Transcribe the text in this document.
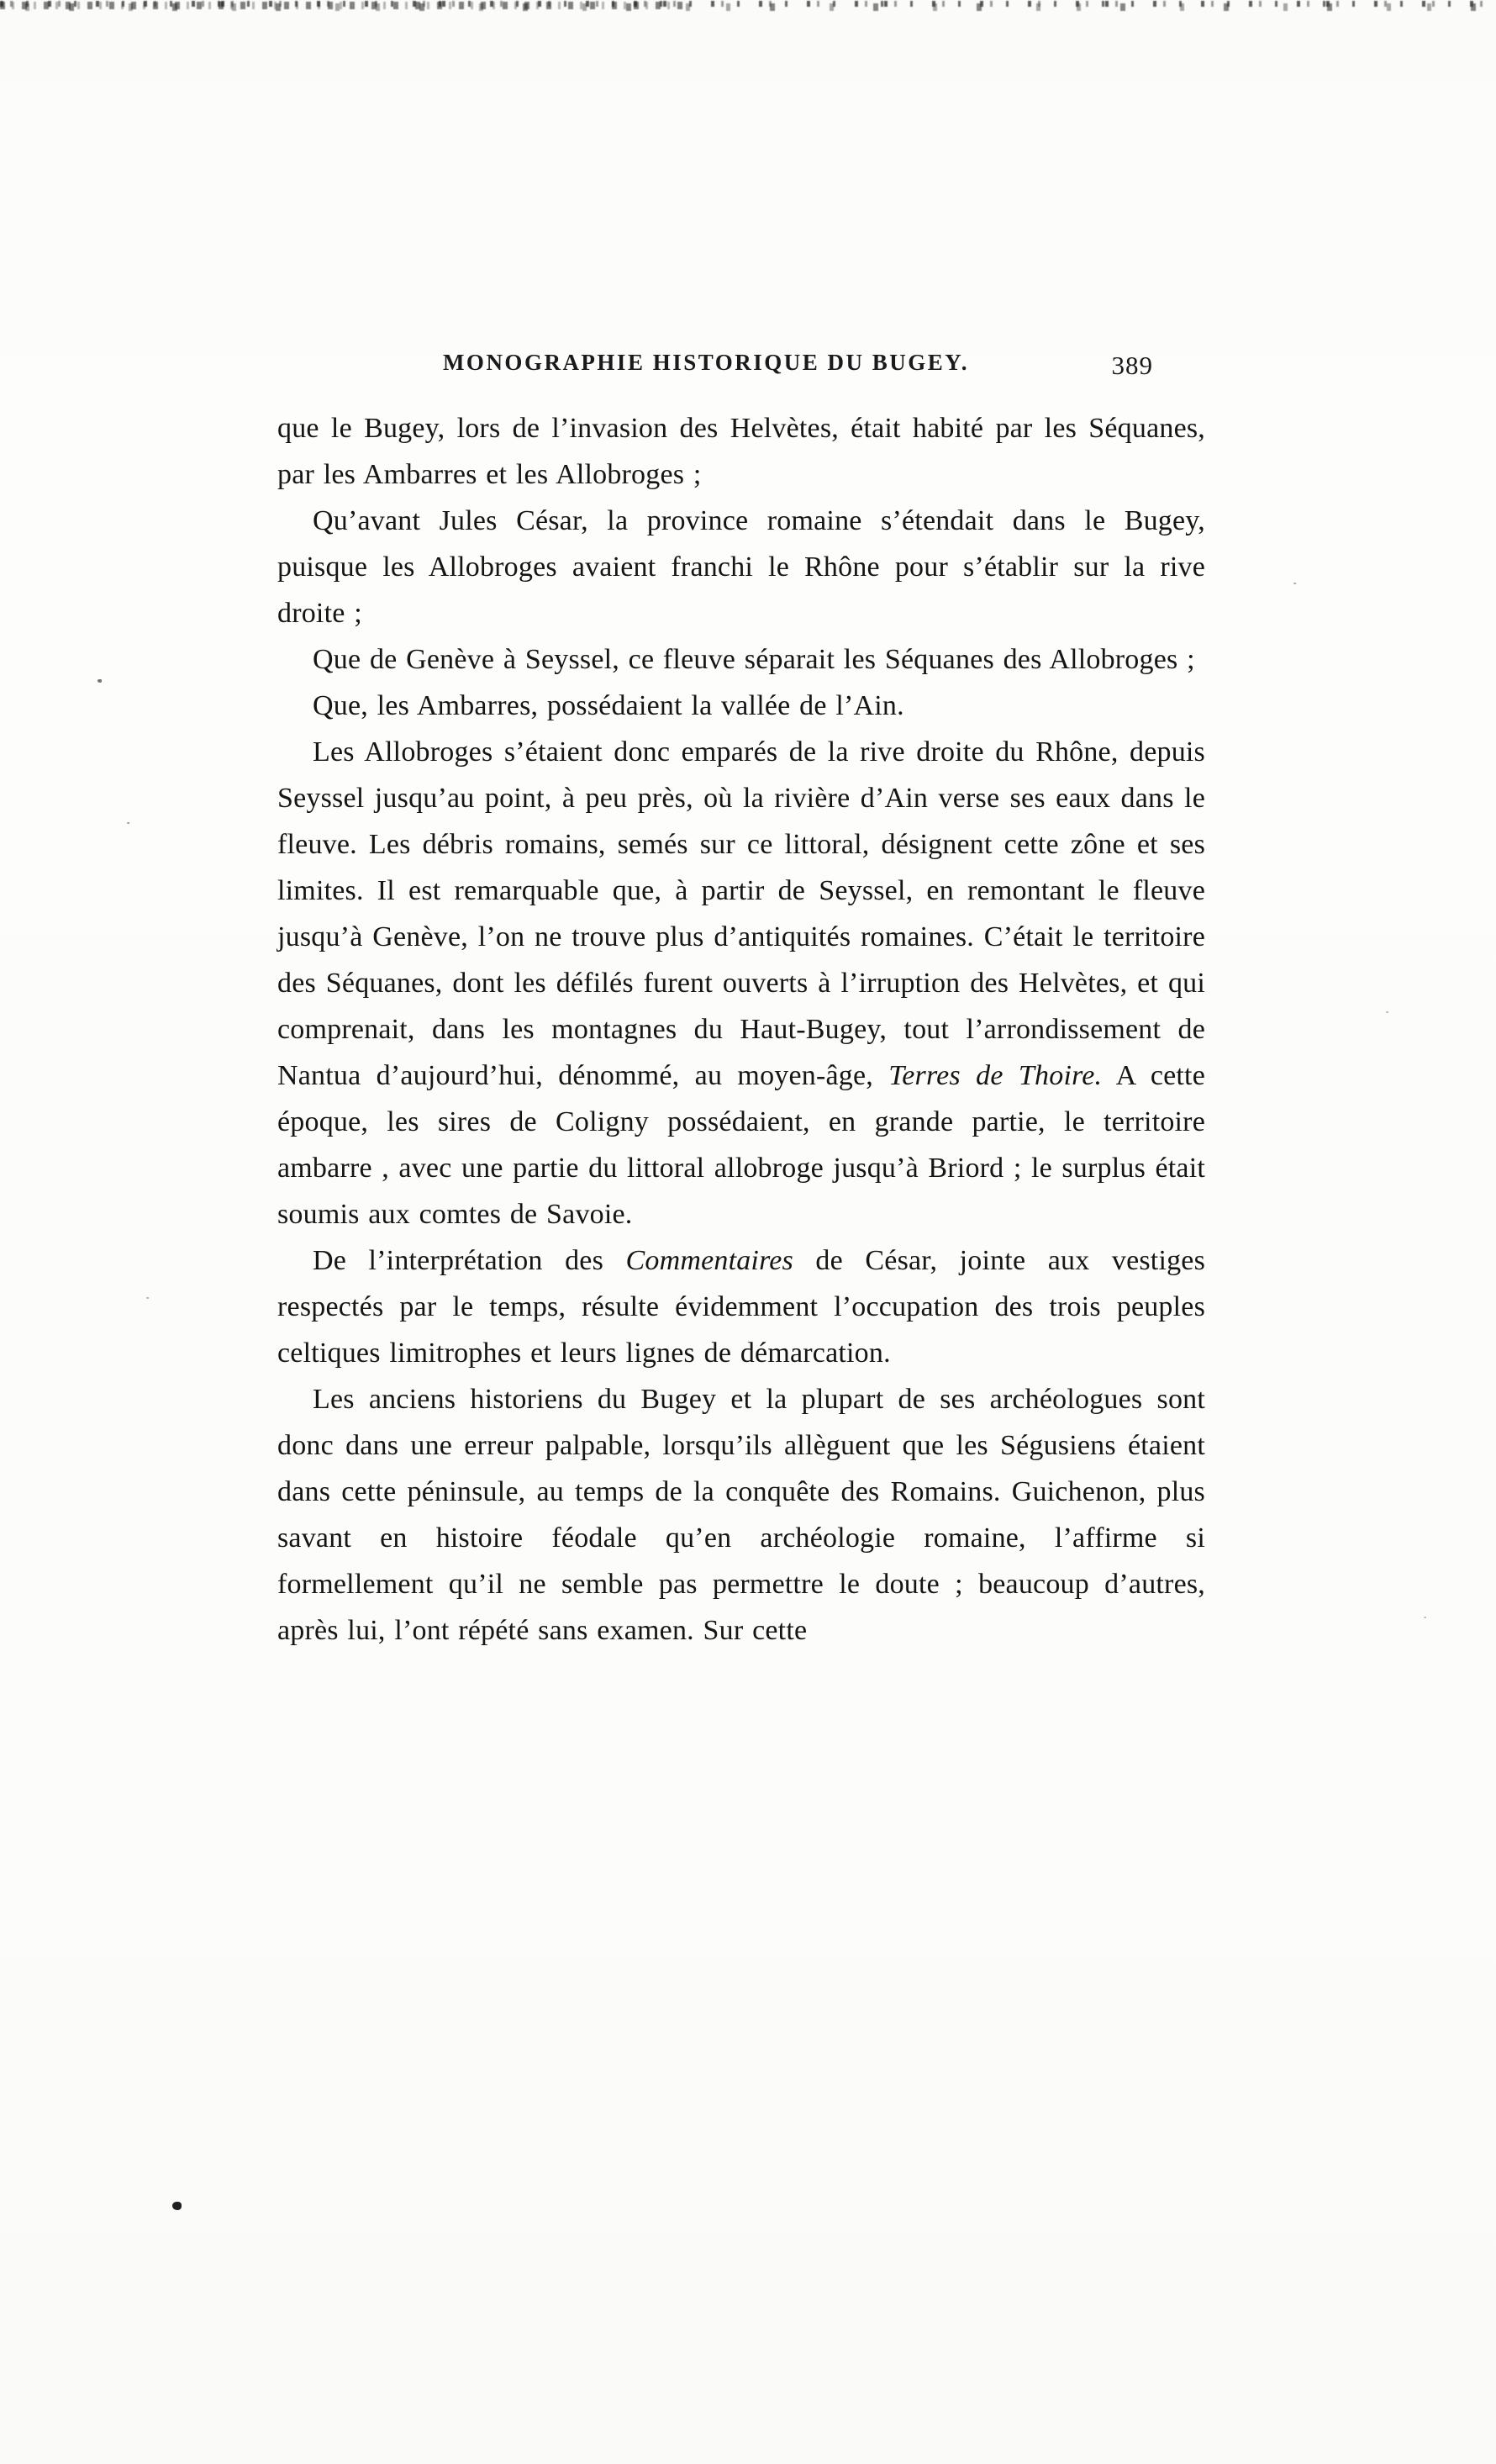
MONOGRAPHIE HISTORIQUE DU BUGEY.	389

que le Bugey, lors de l’invasion des Helvètes, était habité par les Séquanes, par les Ambarres et les Allobroges ;

Qu’avant Jules César, la province romaine s’étendait dans le Bugey, puisque les Allobroges avaient franchi le Rhône pour s’établir sur la rive droite ;

Que de Genève à Seyssel, ce fleuve séparait les Séquanes des Allobroges ;

Que, les Ambarres, possédaient la vallée de l’Ain.

Les Allobroges s’étaient donc emparés de la rive droite du Rhône, depuis Seyssel jusqu’au point, à peu près, où la rivière d’Ain verse ses eaux dans le fleuve. Les débris romains, semés sur ce littoral, désignent cette zône et ses limites. Il est remarquable que, à partir de Seyssel, en remontant le fleuve jusqu’à Genève, l’on ne trouve plus d’antiquités romaines. C’était le territoire des Séquanes, dont les défilés furent ouverts à l’irruption des Helvètes, et qui comprenait, dans les montagnes du Haut-Bugey, tout l’arrondissement de Nantua d’aujourd’hui, dénommé, au moyen-âge, Terres de Thoire. A cette époque, les sires de Coligny possédaient, en grande partie, le territoire ambarre , avec une partie du littoral allobroge jusqu’à Briord ; le surplus était soumis aux comtes de Savoie.

De l’interprétation des Commentaires de César, jointe aux vestiges respectés par le temps, résulte évidemment l’occupation des trois peuples celtiques limitrophes et leurs lignes de démarcation.

Les anciens historiens du Bugey et la plupart de ses archéologues sont donc dans une erreur palpable, lorsqu’ils allèguent que les Ségusiens étaient dans cette péninsule, au temps de la conquête des Romains. Guichenon, plus savant en histoire féodale qu’en archéologie romaine, l’affirme si formellement qu’il ne semble pas permettre le doute ; beaucoup d’autres, après lui, l’ont répété sans examen. Sur cette
